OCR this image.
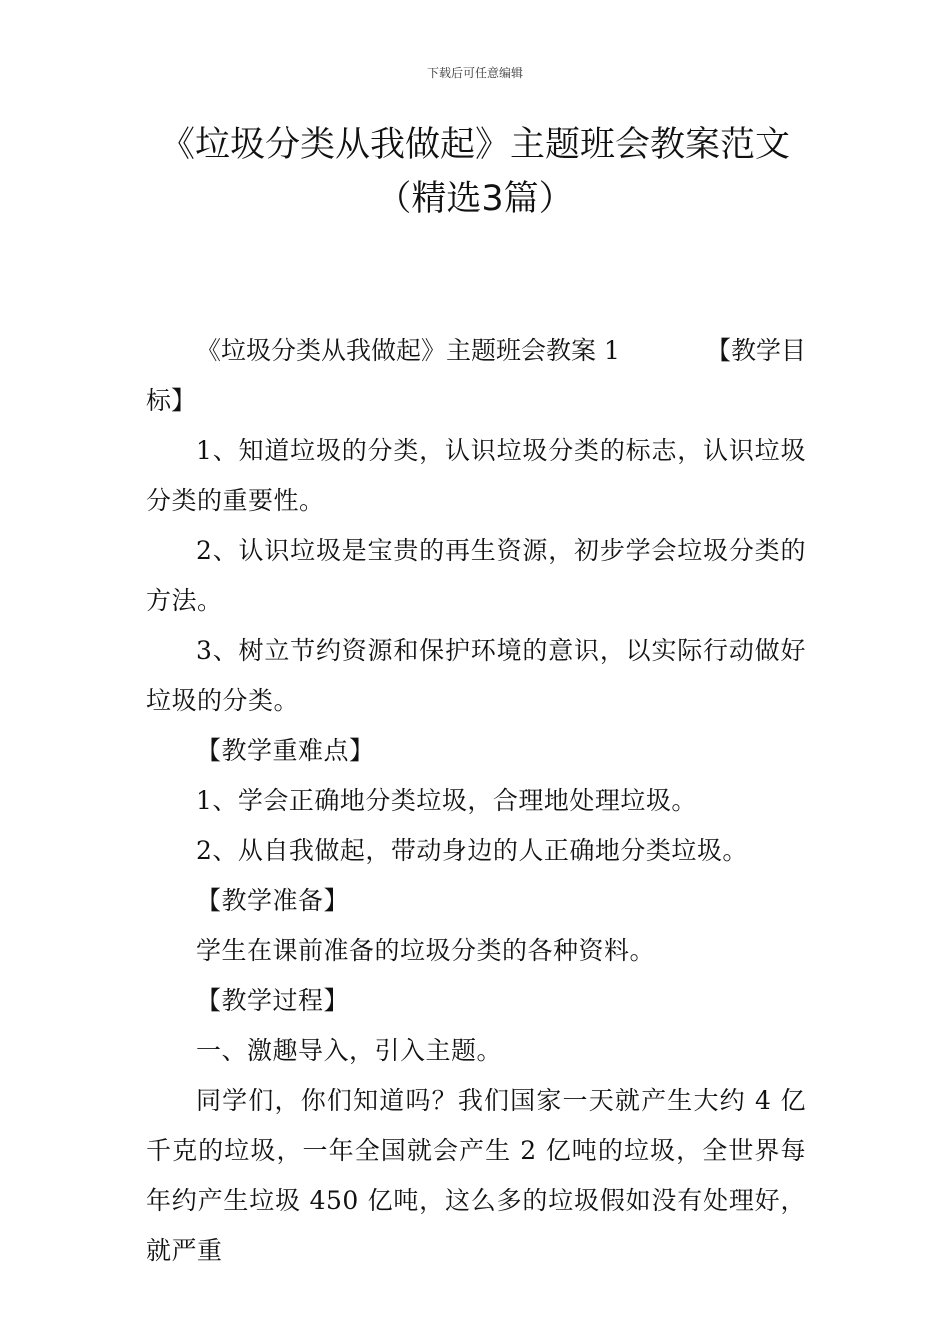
下载后可任意编辑
《垃圾分类从我做起》主题班会教案范文
（精选3篇）
《垃圾分类从我做起》主题班会教案 1	【教学目
标】

1、知道垃圾的分类，认识垃圾分类的标志，认识垃圾分类的重要性。

2、认识垃圾是宝贵的再生资源，初步学会垃圾分类的方法。

3、树立节约资源和保护环境的意识，以实际行动做好垃圾的分类。

【教学重难点】

1、学会正确地分类垃圾，合理地处理垃圾。

2、从自我做起，带动身边的人正确地分类垃圾。

【教学准备】

学生在课前准备的垃圾分类的各种资料。

【教学过程】

一、激趣导入，引入主题。

同学们，你们知道吗？我们国家一天就产生大约 4 亿千克的垃圾，一年全国就会产生 2 亿吨的垃圾，全世界每年约产生垃圾 450 亿吨，这么多的垃圾假如没有处理好，就严重
